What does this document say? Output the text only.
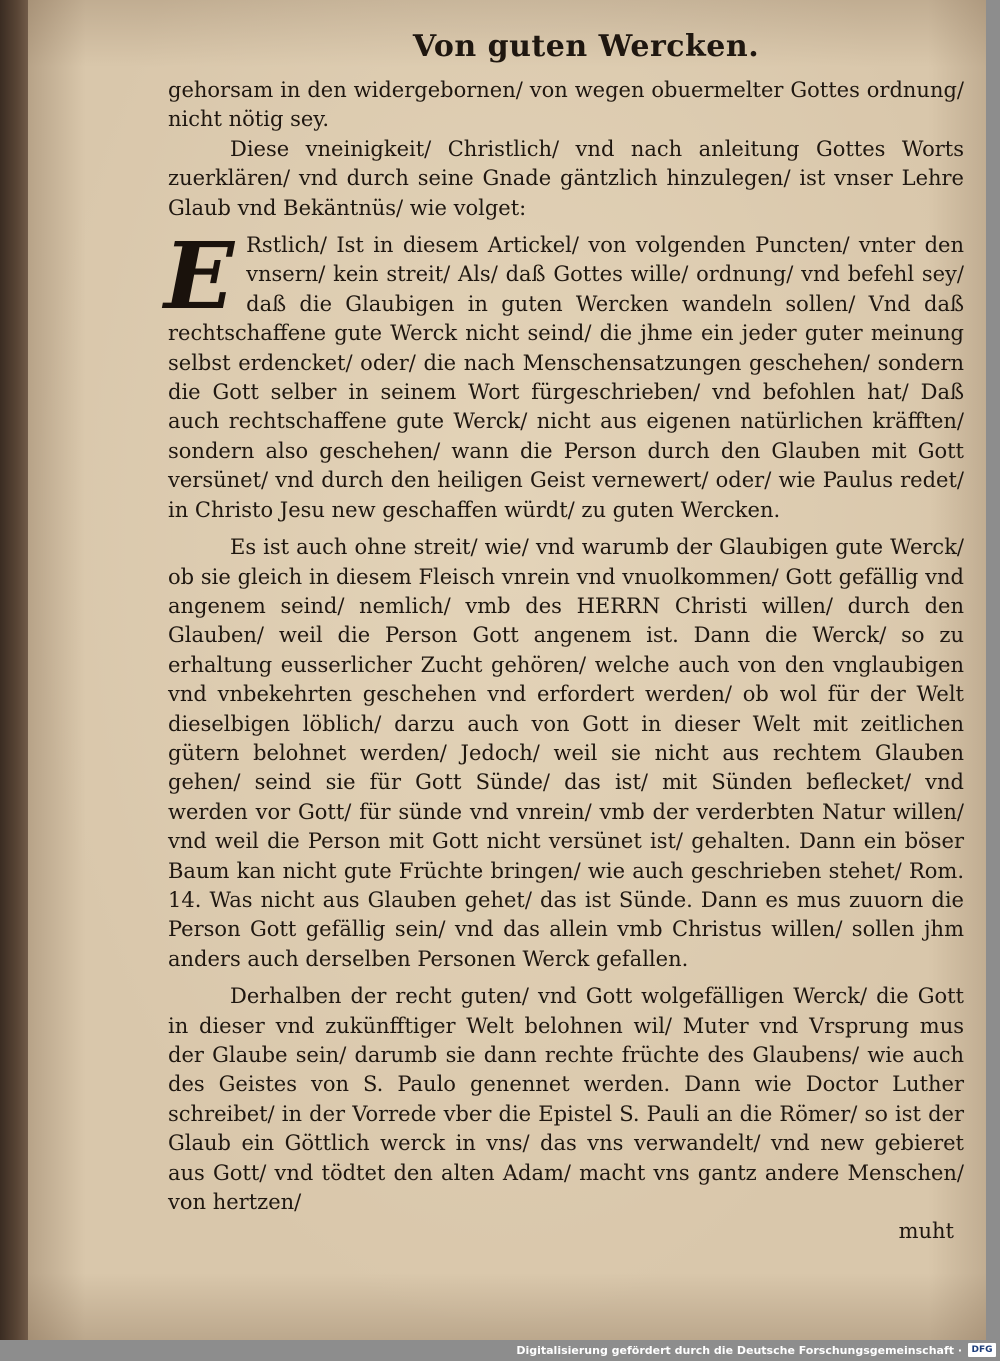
Von guten Wercken.

gehorsam in den widergebornen/ von wegen obuermelter Gottes ordnung/ nicht nötig sey.

Diese vneinigkeit/ Christlich/ vnd nach anleitung Gottes Worts zuerklären/ vnd durch seine Gnade gäntzlich hinzulegen/ ist vnser Lehre Glaub vnd Bekäntnüs/ wie volget:

E Rstlich/ Ist in diesem Artickel/ von volgenden Puncten/ vnter den vnsern/ kein streit/ Als/ daß Gottes wille/ ordnung/ vnd befehl sey/ daß die Glaubigen in guten Wercken wandeln sollen/ Vnd daß rechtschaffene gute Werck nicht seind/ die jhme ein jeder guter meinung selbst erdencket/ oder/ die nach Menschensatzungen geschehen/ sondern die Gott selber in seinem Wort fürgeschrieben/ vnd befohlen hat/ Daß auch rechtschaffene gute Werck/ nicht aus eigenen natürlichen kräfften/ sondern also geschehen/ wann die Person durch den Glauben mit Gott versünet/ vnd durch den heiligen Geist vernewert/ oder/ wie Paulus redet/ in Christo Jesu new geschaffen würdt/ zu guten Wercken.

Es ist auch ohne streit/ wie/ vnd warumb der Glaubigen gute Werck/ ob sie gleich in diesem Fleisch vnrein vnd vnuolkommen/ Gott gefällig vnd angenem seind/ nemlich/ vmb des HERRN Christi willen/ durch den Glauben/ weil die Person Gott angenem ist. Dann die Werck/ so zu erhaltung eusserlicher Zucht gehören/ welche auch von den vnglaubigen vnd vnbekehrten geschehen vnd erfordert werden/ ob wol für der Welt dieselbigen löblich/ darzu auch von Gott in dieser Welt mit zeitlichen gütern belohnet werden/ Jedoch/ weil sie nicht aus rechtem Glauben gehen/ seind sie für Gott Sünde/ das ist/ mit Sünden beflecket/ vnd werden vor Gott/ für sünde vnd vnrein/ vmb der verderbten Natur willen/ vnd weil die Person mit Gott nicht versünet ist/ gehalten. Dann ein böser Baum kan nicht gute Früchte bringen/ wie auch geschrieben stehet/ Rom. 14. Was nicht aus Glauben gehet/ das ist Sünde. Dann es mus zuuorn die Person Gott gefällig sein/ vnd das allein vmb Christus willen/ sollen jhm anders auch derselben Personen Werck gefallen.

Derhalben der recht guten/ vnd Gott wolgefälligen Werck/ die Gott in dieser vnd zukünfftiger Welt belohnen wil/ Muter vnd Vrsprung mus der Glaube sein/ darumb sie dann rechte früchte des Glaubens/ wie auch des Geistes von S. Paulo genennet werden. Dann wie Doctor Luther schreibet/ in der Vorrede vber die Epistel S. Pauli an die Römer/ so ist der Glaub ein Göttlich werck in vns/ das vns verwandelt/ vnd new gebieret aus Gott/ vnd tödtet den alten Adam/ macht vns gantz andere Menschen/ von hertzen/

muht

Digitalisierung gefördert durch die Deutsche Forschungsgemeinschaft ·	DFG
